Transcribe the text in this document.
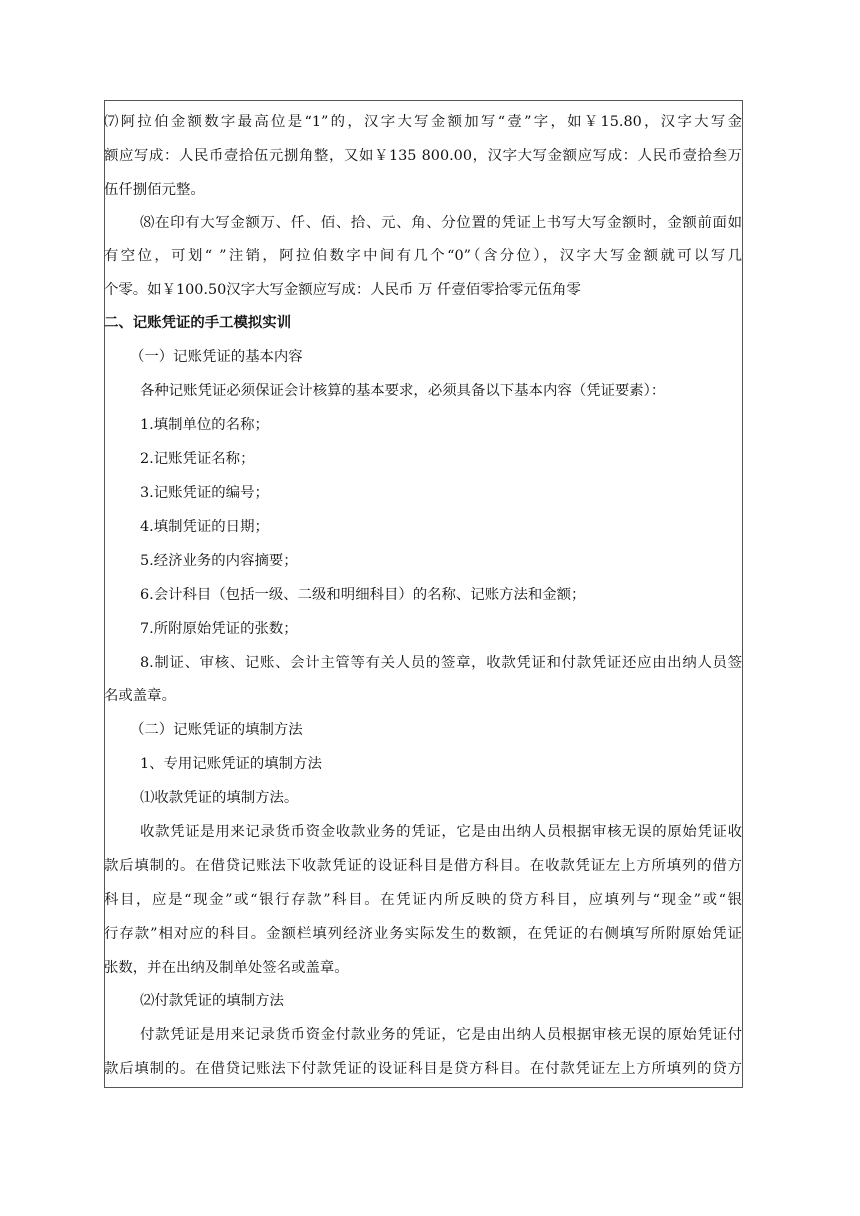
⑺阿拉伯金额数字最高位是“1”的，汉字大写金额加写“壹”字，如￥15.80，汉字大写金
额应写成：人民币壹拾伍元捌角整，又如￥135 800.00，汉字大写金额应写成：人民币壹拾叁万
伍仟捌佰元整。
⑻在印有大写金额万、仟、佰、拾、元、角、分位置的凭证上书写大写金额时，金额前面如
有空位，可划“ ”注销，阿拉伯数字中间有几个“0”（含分位），汉字大写金额就可以写几
个零。如￥100.50汉字大写金额应写成：人民币 万 仟壹佰零拾零元伍角零
二、记账凭证的手工模拟实训
（一）记账凭证的基本内容
各种记账凭证必须保证会计核算的基本要求，必须具备以下基本内容（凭证要素）：
1.填制单位的名称；
2.记账凭证名称；
3.记账凭证的编号；
4.填制凭证的日期；
5.经济业务的内容摘要；
6.会计科目（包括一级、二级和明细科目）的名称、记账方法和金额；
7.所附原始凭证的张数；
8.制证、审核、记账、会计主管等有关人员的签章，收款凭证和付款凭证还应由出纳人员签
名或盖章。
（二）记账凭证的填制方法
1、专用记账凭证的填制方法
⑴收款凭证的填制方法。
收款凭证是用来记录货币资金收款业务的凭证，它是由出纳人员根据审核无误的原始凭证收
款后填制的。在借贷记账法下收款凭证的设证科目是借方科目。在收款凭证左上方所填列的借方
科目，应是“现金”或“银行存款”科目。在凭证内所反映的贷方科目，应填列与“现金”或“银
行存款”相对应的科目。金额栏填列经济业务实际发生的数额，在凭证的右侧填写所附原始凭证
张数，并在出纳及制单处签名或盖章。
⑵付款凭证的填制方法
付款凭证是用来记录货币资金付款业务的凭证，它是由出纳人员根据审核无误的原始凭证付
款后填制的。在借贷记账法下付款凭证的设证科目是贷方科目。在付款凭证左上方所填列的贷方
